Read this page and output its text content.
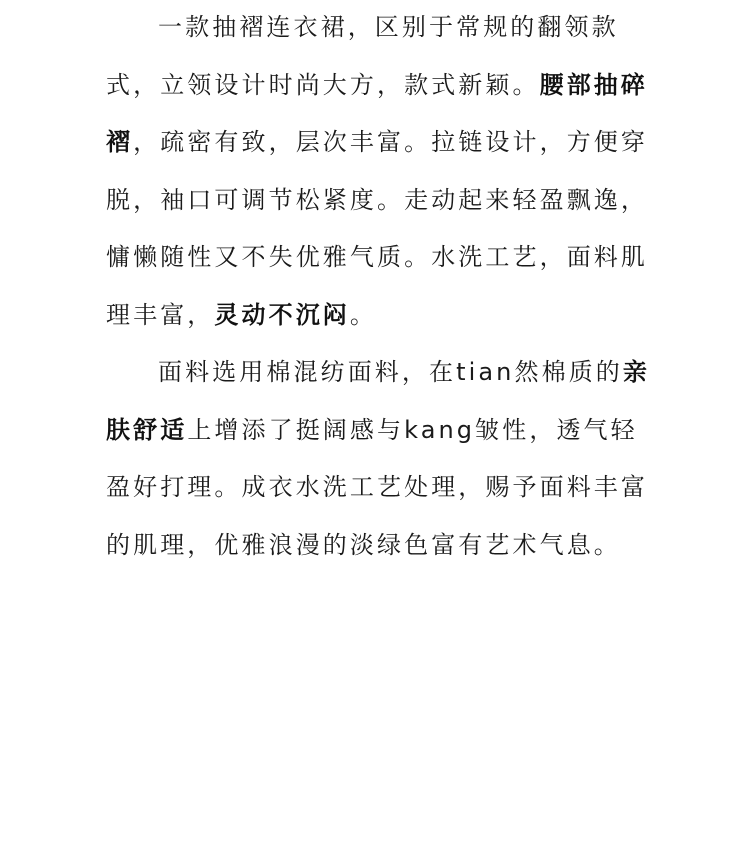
一款抽褶连衣裙，区别于常规的翻领款式，立领设计时尚大方，款式新颖。腰部抽碎褶，疏密有致，层次丰富。拉链设计，方便穿脱，袖口可调节松紧度。走动起来轻盈飘逸，慵懒随性又不失优雅气质。水洗工艺，面料肌理丰富，灵动不沉闷。

面料选用棉混纺面料，在tian然棉质的亲肤舒适上增添了挺阔感与kang皱性，透气轻盈好打理。成衣水洗工艺处理，赐予面料丰富的肌理，优雅浪漫的淡绿色富有艺术气息。
